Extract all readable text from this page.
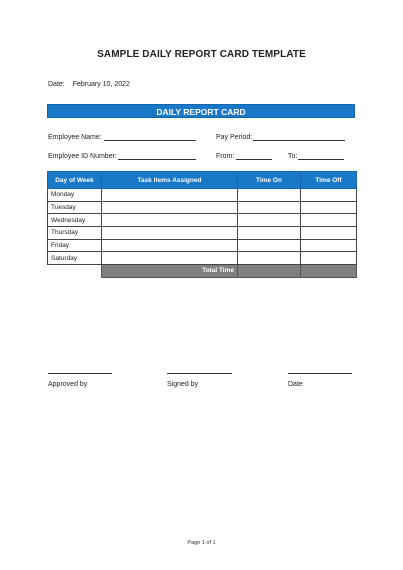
SAMPLE DAILY REPORT CARD TEMPLATE
Date: February 10, 2022
DAILY REPORT CARD
Employee Name:	Pay Period:
Employee ID Number:	From:	To:
Day of Week	Task Items Assigned	Time On	Time Off
Monday			
Tuesday			
Wednesday			
Thursday			
Friday			
Saturday			
	Total Time		
Approved by	Signed by	Date
Page 1 of 1
